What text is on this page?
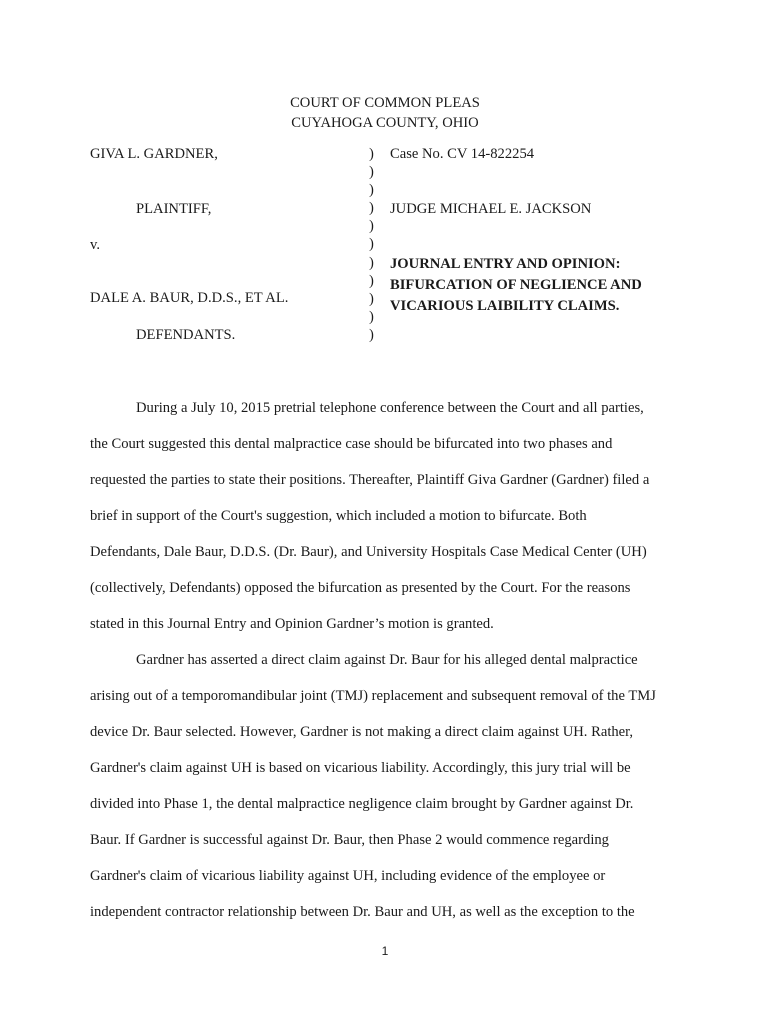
COURT OF COMMON PLEAS
CUYAHOGA COUNTY, OHIO
GIVA L. GARDNER,
PLAINTIFF,
v.
DALE A. BAUR, D.D.S., ET AL.
DEFENDANTS.
)
)
)
)
)
)
)
)
)
)
)
Case No. CV 14-822254
JUDGE MICHAEL E. JACKSON
JOURNAL ENTRY AND OPINION:
BIFURCATION OF NEGLIENCE AND
VICARIOUS LAIBILITY CLAIMS.
During a July 10, 2015 pretrial telephone conference between the Court and all parties,
the Court suggested this dental malpractice case should be bifurcated into two phases and
requested the parties to state their positions. Thereafter, Plaintiff Giva Gardner (Gardner) filed a
brief in support of the Court's suggestion, which included a motion to bifurcate. Both
Defendants, Dale Baur, D.D.S. (Dr. Baur), and University Hospitals Case Medical Center (UH)
(collectively, Defendants) opposed the bifurcation as presented by the Court. For the reasons
stated in this Journal Entry and Opinion Gardner’s motion is granted.
Gardner has asserted a direct claim against Dr. Baur for his alleged dental malpractice
arising out of a temporomandibular joint (TMJ) replacement and subsequent removal of the TMJ
device Dr. Baur selected. However, Gardner is not making a direct claim against UH. Rather,
Gardner's claim against UH is based on vicarious liability. Accordingly, this jury trial will be
divided into Phase 1, the dental malpractice negligence claim brought by Gardner against Dr.
Baur. If Gardner is successful against Dr. Baur, then Phase 2 would commence regarding
Gardner's claim of vicarious liability against UH, including evidence of the employee or
independent contractor relationship between Dr. Baur and UH, as well as the exception to the
1
